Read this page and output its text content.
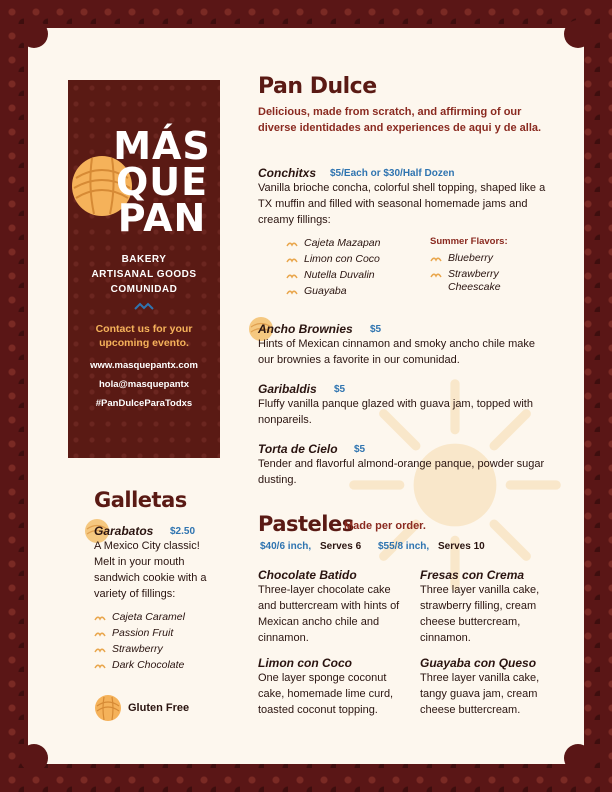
MÁS
QUE
PAN
BAKERY
ARTISANAL GOODS
COMUNIDAD
Contact us for your upcoming evento.
www.masquepantx.com
hola@masquepantx
#PanDulceParaTodxs
Pan Dulce
Delicious, made from scratch, and affirming of our diverse identidades and experiences de aqui y de alla.
Conchitxs $5/Each or $30/Half Dozen
Vanilla brioche concha, colorful shell topping, shaped like a TX muffin and filled with seasonal homemade jams and creamy fillings:
Cajeta Mazapan
Limon con Coco
Nutella Duvalin
Guayaba
Summer Flavors:
Blueberry
Strawberry Cheescake
Ancho Brownies $5
Hints of Mexican cinnamon and smoky ancho chile make our brownies a favorite in our comunidad.
Garibaldis $5
Fluffy vanilla panque glazed with guava jam, topped with nonpareils.
Torta de Cielo $5
Tender and flavorful almond-orange panque, powder sugar dusting.
Galletas
Garabatos $2.50
A Mexico City classic! Melt in your mouth sandwich cookie with a variety of fillings:
Cajeta Caramel
Passion Fruit
Strawberry
Dark Chocolate
Gluten Free
Pasteles
Made per order.
$40/6 inch, Serves 6 $55/8 inch, Serves 10
Chocolate Batido
Three-layer chocolate cake and buttercream with hints of Mexican ancho chile and cinnamon.
Fresas con Crema
Three layer vanilla cake, strawberry filling, cream cheese buttercream, cinnamon.
Limon con Coco
One layer sponge coconut cake, homemade lime curd, toasted coconut topping.
Guayaba con Queso
Three layer vanilla cake, tangy guava jam, cream cheese buttercream.
